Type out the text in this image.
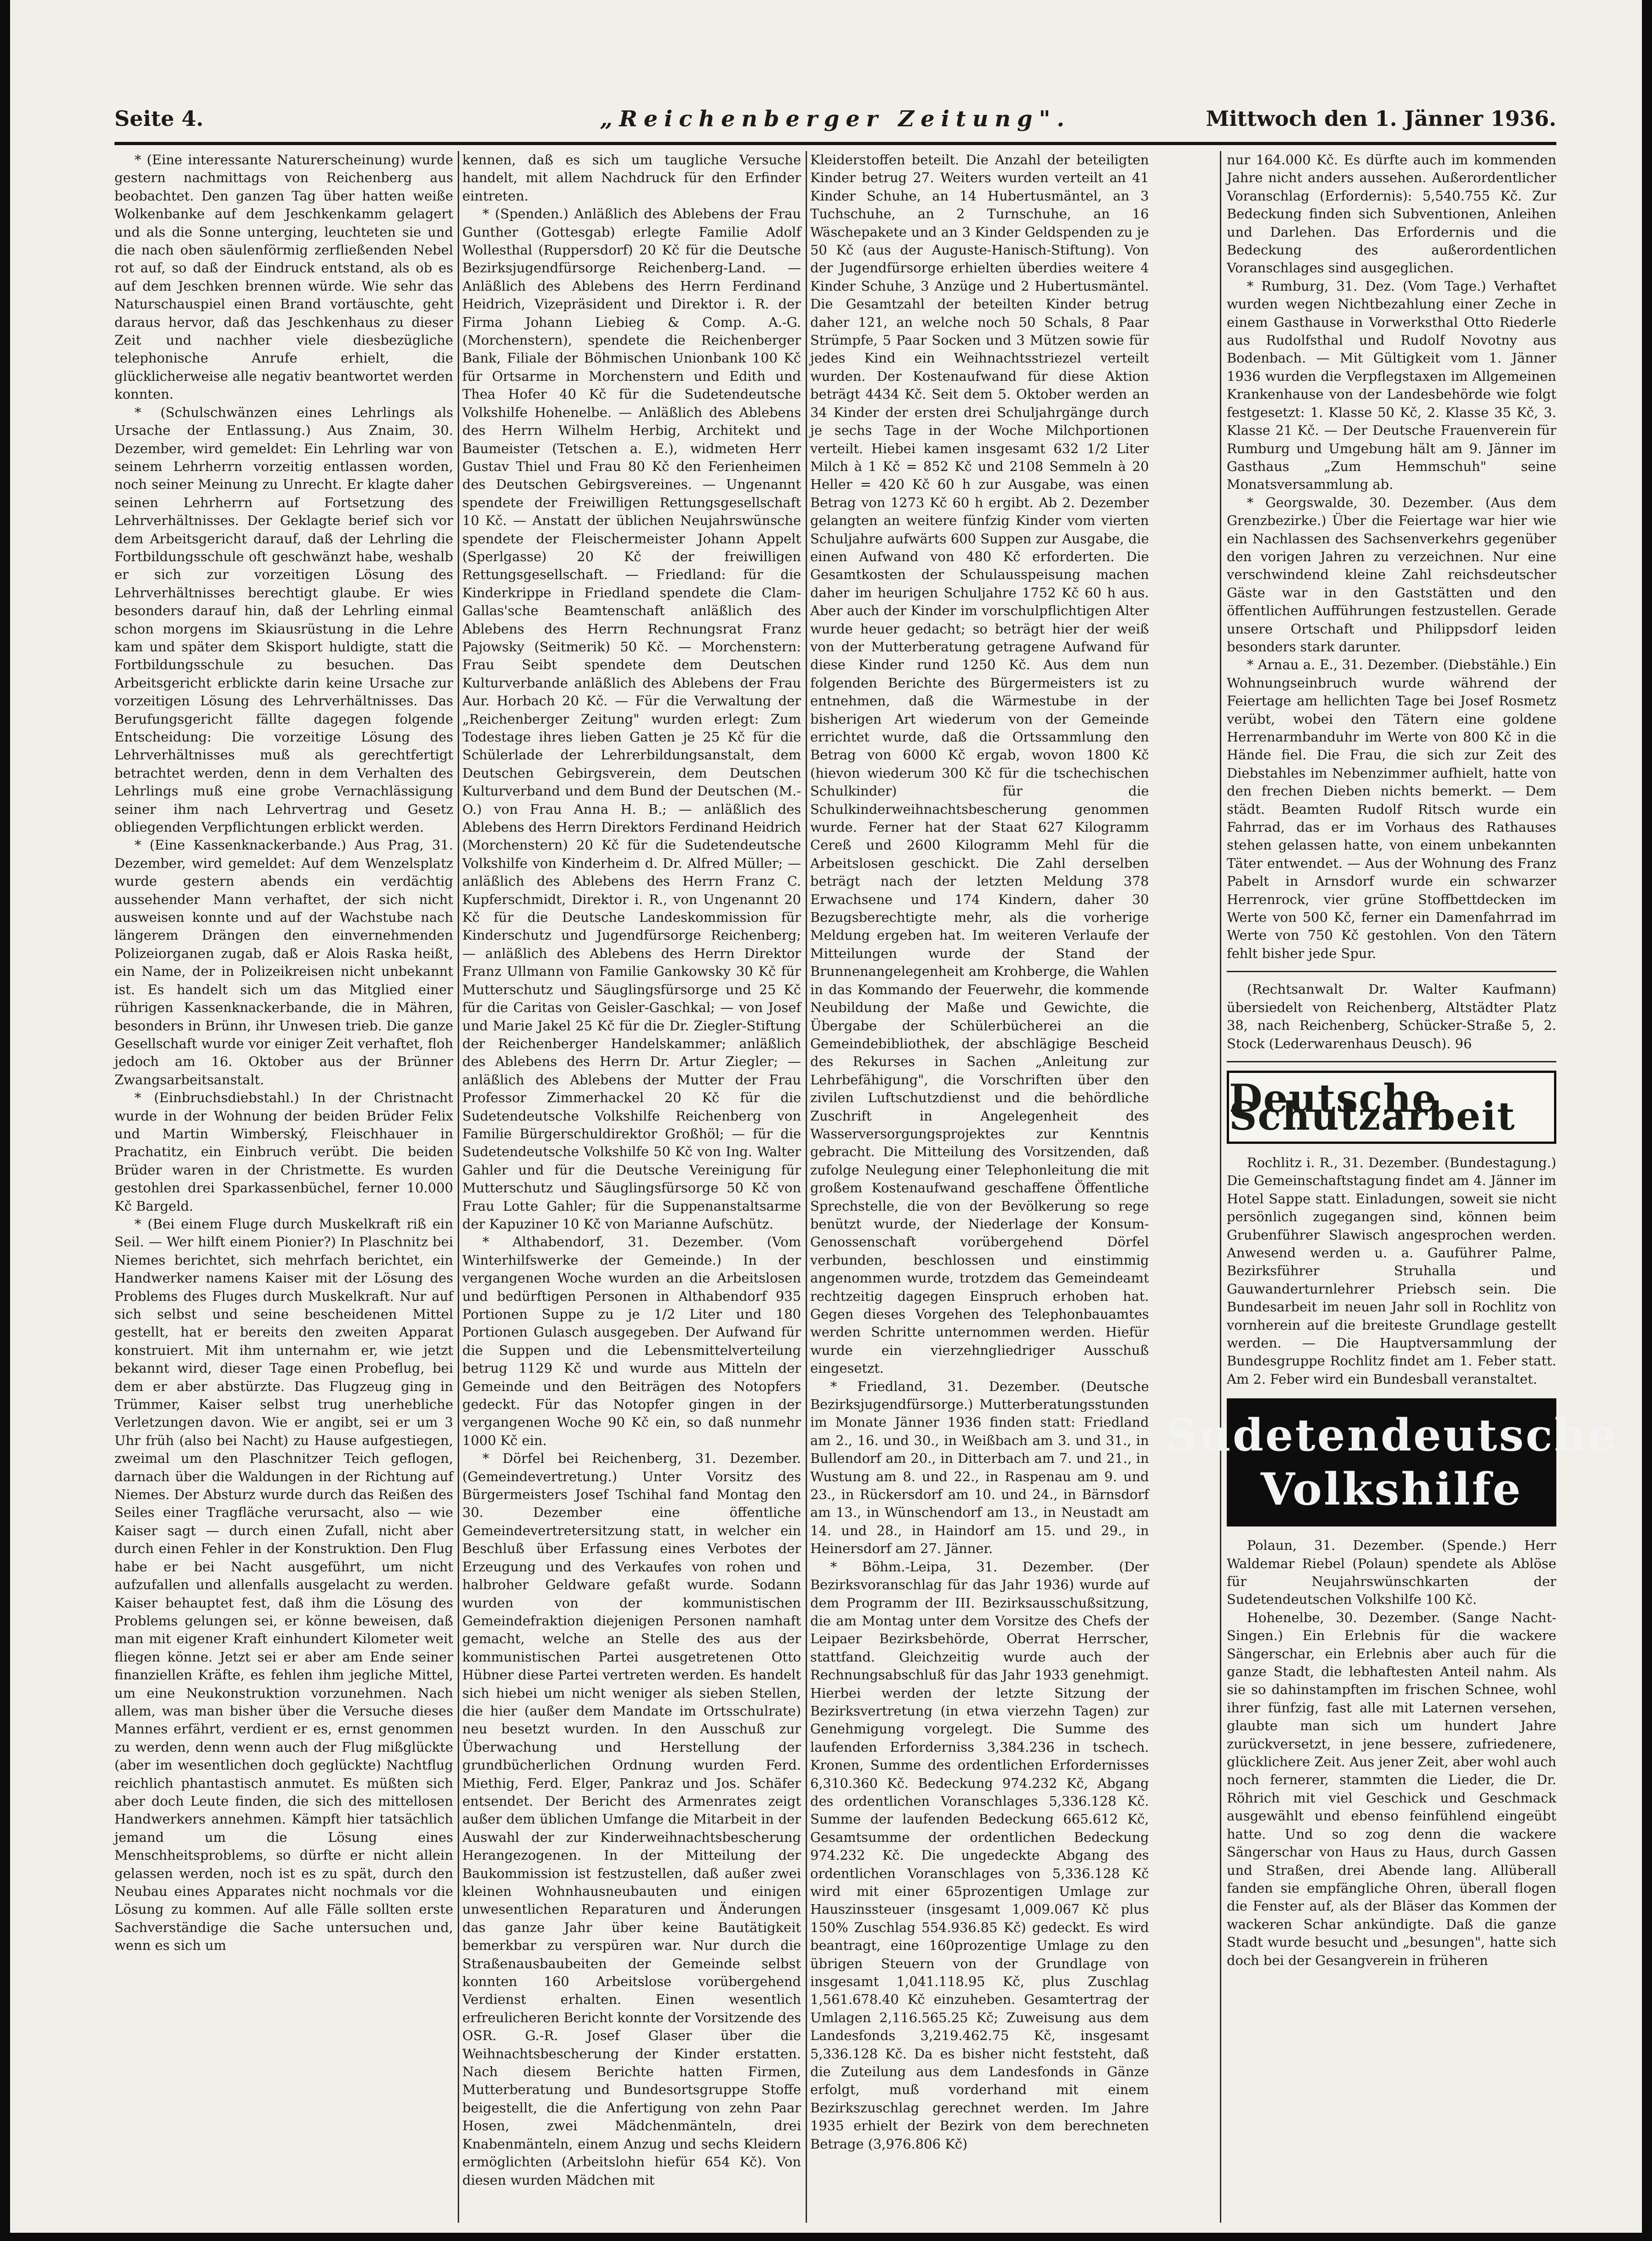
Seite 4.	„Reichenberger Zeitung".	Mittwoch den 1. Jänner 1936.

* (Eine interessante Naturerscheinung) wurde gestern nachmittags von Reichenberg aus beobachtet. Den ganzen Tag über hatten weiße Wolkenbanke auf dem Jeschkenkamm gelagert und als die Sonne unterging, leuchteten sie und die nach oben säulenförmig zerfließenden Nebel rot auf, so daß der Eindruck entstand, als ob es auf dem Jeschken brennen würde. Wie sehr das Naturschauspiel einen Brand vortäuschte, geht daraus hervor, daß das Jeschkenhaus zu dieser Zeit und nachher viele diesbezügliche telephonische Anrufe erhielt, die glücklicherweise alle negativ beantwortet werden konnten.

* (Schulschwänzen eines Lehrlings als Ursache der Entlassung.) Aus Znaim, 30. Dezember, wird gemeldet: Ein Lehrling war von seinem Lehrherrn vorzeitig entlassen worden, noch seiner Meinung zu Unrecht. Er klagte daher seinen Lehrherrn auf Fortsetzung des Lehrverhältnisses. Der Geklagte berief sich vor dem Arbeitsgericht darauf, daß der Lehrling die Fortbildungsschule oft geschwänzt habe, weshalb er sich zur vorzeitigen Lösung des Lehrverhältnisses berechtigt glaube. Er wies besonders darauf hin, daß der Lehrling einmal schon morgens im Skiausrüstung in die Lehre kam und später dem Skisport huldigte, statt die Fortbildungsschule zu besuchen. Das Arbeitsgericht erblickte darin keine Ursache zur vorzeitigen Lösung des Lehrverhältnisses. Das Berufungsgericht fällte dagegen folgende Entscheidung: Die vorzeitige Lösung des Lehrverhältnisses muß als gerechtfertigt betrachtet werden, denn in dem Verhalten des Lehrlings muß eine grobe Vernachlässigung seiner ihm nach Lehrvertrag und Gesetz obliegenden Verpflichtungen erblickt werden.

* (Eine Kassenknackerbande.) Aus Prag, 31. Dezember, wird gemeldet: Auf dem Wenzelsplatz wurde gestern abends ein verdächtig aussehender Mann verhaftet, der sich nicht ausweisen konnte und auf der Wachstube nach längerem Drängen den einvernehmenden Polizeiorganen zugab, daß er Alois Raska heißt, ein Name, der in Polizeikreisen nicht unbekannt ist. Es handelt sich um das Mitglied einer rührigen Kassenknackerbande, die in Mähren, besonders in Brünn, ihr Unwesen trieb. Die ganze Gesellschaft wurde vor einiger Zeit verhaftet, floh jedoch am 16. Oktober aus der Brünner Zwangsarbeitsanstalt.

* (Einbruchsdiebstahl.) In der Christnacht wurde in der Wohnung der beiden Brüder Felix und Martin Wimberský, Fleischhauer in Prachatitz, ein Einbruch verübt. Die beiden Brüder waren in der Christmette. Es wurden gestohlen drei Sparkassenbüchel, ferner 10.000 Kč Bargeld.

* (Bei einem Fluge durch Muskelkraft riß ein Seil. — Wer hilft einem Pionier?) In Plaschnitz bei Niemes berichtet, sich mehrfach berichtet, ein Handwerker namens Kaiser mit der Lösung des Problems des Fluges durch Muskelkraft. Nur auf sich selbst und seine bescheidenen Mittel gestellt, hat er bereits den zweiten Apparat konstruiert. Mit ihm unternahm er, wie jetzt bekannt wird, dieser Tage einen Probeflug, bei dem er aber abstürzte. Das Flugzeug ging in Trümmer, Kaiser selbst trug unerhebliche Verletzungen davon. Wie er angibt, sei er um 3 Uhr früh (also bei Nacht) zu Hause aufgestiegen, zweimal um den Plaschnitzer Teich geflogen, darnach über die Waldungen in der Richtung auf Niemes. Der Absturz wurde durch das Reißen des Seiles einer Tragfläche verursacht, also — wie Kaiser sagt — durch einen Zufall, nicht aber durch einen Fehler in der Konstruktion. Den Flug habe er bei Nacht ausgeführt, um nicht aufzufallen und allenfalls ausgelacht zu werden. Kaiser behauptet fest, daß ihm die Lösung des Problems gelungen sei, er könne beweisen, daß man mit eigener Kraft einhundert Kilometer weit fliegen könne. Jetzt sei er aber am Ende seiner finanziellen Kräfte, es fehlen ihm jegliche Mittel, um eine Neukonstruktion vorzunehmen. Nach allem, was man bisher über die Versuche dieses Mannes erfährt, verdient er es, ernst genommen zu werden, denn wenn auch der Flug mißglückte (aber im wesentlichen doch geglückte) Nachtflug reichlich phantastisch anmutet. Es müßten sich aber doch Leute finden, die sich des mittellosen Handwerkers annehmen. Kämpft hier tatsächlich jemand um die Lösung eines Menschheitsproblems, so dürfte er nicht allein gelassen werden, noch ist es zu spät, durch den Neubau eines Apparates nicht nochmals vor die Lösung zu kommen. Auf alle Fälle sollten erste Sachverständige die Sache untersuchen und, wenn es sich um

kennen, daß es sich um taugliche Versuche handelt, mit allem Nachdruck für den Erfinder eintreten.

* (Spenden.) Anläßlich des Ablebens der Frau Gunther (Gottesgab) erlegte Familie Adolf Wollesthal (Ruppersdorf) 20 Kč für die Deutsche Bezirksjugendfürsorge Reichenberg-Land. — Anläßlich des Ablebens des Herrn Ferdinand Heidrich, Vizepräsident und Direktor i. R. der Firma Johann Liebieg & Comp. A.-G. (Morchenstern), spendete die Reichenberger Bank, Filiale der Böhmischen Unionbank 100 Kč für Ortsarme in Morchenstern und Edith und Thea Hofer 40 Kč für die Sudetendeutsche Volkshilfe Hohenelbe. — Anläßlich des Ablebens des Herrn Wilhelm Herbig, Architekt und Baumeister (Tetschen a. E.), widmeten Herr Gustav Thiel und Frau 80 Kč den Ferienheimen des Deutschen Gebirgsvereines. — Ungenannt spendete der Freiwilligen Rettungsgesellschaft 10 Kč. — Anstatt der üblichen Neujahrswünsche spendete der Fleischermeister Johann Appelt (Sperlgasse) 20 Kč der freiwilligen Rettungsgesellschaft. — Friedland: für die Kinderkrippe in Friedland spendete die Clam-Gallas'sche Beamtenschaft anläßlich des Ablebens des Herrn Rechnungsrat Franz Pajowsky (Seitmerik) 50 Kč. — Morchenstern: Frau Seibt spendete dem Deutschen Kulturverbande anläßlich des Ablebens der Frau Aur. Horbach 20 Kč. — Für die Verwaltung der „Reichenberger Zeitung" wurden erlegt: Zum Todestage ihres lieben Gatten je 25 Kč für die Schülerlade der Lehrerbildungsanstalt, dem Deutschen Gebirgsverein, dem Deutschen Kulturverband und dem Bund der Deutschen (M.-O.) von Frau Anna H. B.; — anläßlich des Ablebens des Herrn Direktors Ferdinand Heidrich (Morchenstern) 20 Kč für die Sudetendeutsche Volkshilfe von Kinderheim d. Dr. Alfred Müller; — anläßlich des Ablebens des Herrn Franz C. Kupferschmidt, Direktor i. R., von Ungenannt 20 Kč für die Deutsche Landeskommission für Kinderschutz und Jugendfürsorge Reichenberg; — anläßlich des Ablebens des Herrn Direktor Franz Ullmann von Familie Gankowsky 30 Kč für Mutterschutz und Säuglingsfürsorge und 25 Kč für die Caritas von Geisler-Gaschkal; — von Josef und Marie Jakel 25 Kč für die Dr. Ziegler-Stiftung der Reichenberger Handelskammer; anläßlich des Ablebens des Herrn Dr. Artur Ziegler; — anläßlich des Ablebens der Mutter der Frau Professor Zimmerhackel 20 Kč für die Sudetendeutsche Volkshilfe Reichenberg von Familie Bürgerschuldirektor Großhöl; — für die Sudetendeutsche Volkshilfe 50 Kč von Ing. Walter Gahler und für die Deutsche Vereinigung für Mutterschutz und Säuglingsfürsorge 50 Kč von Frau Lotte Gahler; für die Suppenanstaltsarme der Kapuziner 10 Kč von Marianne Aufschütz.

* Althabendorf, 31. Dezember. (Vom Winterhilfswerke der Gemeinde.) In der vergangenen Woche wurden an die Arbeitslosen und bedürftigen Personen in Althabendorf 935 Portionen Suppe zu je 1/2 Liter und 180 Portionen Gulasch ausgegeben. Der Aufwand für die Suppen und die Lebensmittelverteilung betrug 1129 Kč und wurde aus Mitteln der Gemeinde und den Beiträgen des Notopfers gedeckt. Für das Notopfer gingen in der vergangenen Woche 90 Kč ein, so daß nunmehr 1000 Kč ein.

* Dörfel bei Reichenberg, 31. Dezember. (Gemeindevertretung.) Unter Vorsitz des Bürgermeisters Josef Tschihal fand Montag den 30. Dezember eine öffentliche Gemeindevertretersitzung statt, in welcher ein Beschluß über Erfassung eines Verbotes der Erzeugung und des Verkaufes von rohen und halbroher Geldware gefaßt wurde. Sodann wurden von der kommunistischen Gemeindefraktion diejenigen Personen namhaft gemacht, welche an Stelle des aus der kommunistischen Partei ausgetretenen Otto Hübner diese Partei vertreten werden. Es handelt sich hiebei um nicht weniger als sieben Stellen, die hier (außer dem Mandate im Ortsschulrate) neu besetzt wurden. In den Ausschuß zur Überwachung und Herstellung der grundbücherlichen Ordnung wurden Ferd. Miethig, Ferd. Elger, Pankraz und Jos. Schäfer entsendet. Der Bericht des Armenrates zeigt außer dem üblichen Umfange die Mitarbeit in der Auswahl der zur Kinderweihnachtsbescherung Herangezogenen. In der Mitteilung der Baukommission ist festzustellen, daß außer zwei kleinen Wohnhausneubauten und einigen unwesentlichen Reparaturen und Änderungen das ganze Jahr über keine Bautätigkeit bemerkbar zu verspüren war. Nur durch die Straßenausbaubeiten der Gemeinde selbst konnten 160 Arbeitslose vorübergehend Verdienst erhalten. Einen wesentlich erfreulicheren Bericht konnte der Vorsitzende des OSR. G.-R. Josef Glaser über die Weihnachtsbescherung der Kinder erstatten. Nach diesem Berichte hatten Firmen, Mutterberatung und Bundesortsgruppe Stoffe beigestellt, die die Anfertigung von zehn Paar Hosen, zwei Mädchenmänteln, drei Knabenmänteln, einem Anzug und sechs Kleidern ermöglichten (Arbeitslohn hiefür 654 Kč). Von diesen wurden Mädchen mit

Kleiderstoffen beteilt. Die Anzahl der beteiligten Kinder betrug 27. Weiters wurden verteilt an 41 Kinder Schuhe, an 14 Hubertusmäntel, an 3 Tuchschuhe, an 2 Turnschuhe, an 16 Wäschepakete und an 3 Kinder Geldspenden zu je 50 Kč (aus der Auguste-Hanisch-Stiftung). Von der Jugendfürsorge erhielten überdies weitere 4 Kinder Schuhe, 3 Anzüge und 2 Hubertusmäntel. Die Gesamtzahl der beteilten Kinder betrug daher 121, an welche noch 50 Schals, 8 Paar Strümpfe, 5 Paar Socken und 3 Mützen sowie für jedes Kind ein Weihnachtsstriezel verteilt wurden. Der Kostenaufwand für diese Aktion beträgt 4434 Kč. Seit dem 5. Oktober werden an 34 Kinder der ersten drei Schuljahrgänge durch je sechs Tage in der Woche Milchportionen verteilt. Hiebei kamen insgesamt 632 1/2 Liter Milch à 1 Kč = 852 Kč und 2108 Semmeln à 20 Heller = 420 Kč 60 h zur Ausgabe, was einen Betrag von 1273 Kč 60 h ergibt. Ab 2. Dezember gelangten an weitere fünfzig Kinder vom vierten Schuljahre aufwärts 600 Suppen zur Ausgabe, die einen Aufwand von 480 Kč erforderten. Die Gesamtkosten der Schulausspeisung machen daher im heurigen Schuljahre 1752 Kč 60 h aus. Aber auch der Kinder im vorschulpflichtigen Alter wurde heuer gedacht; so beträgt hier der weiß von der Mutterberatung getragene Aufwand für diese Kinder rund 1250 Kč. Aus dem nun folgenden Berichte des Bürgermeisters ist zu entnehmen, daß die Wärmestube in der bisherigen Art wiederum von der Gemeinde errichtet wurde, daß die Ortssammlung den Betrag von 6000 Kč ergab, wovon 1800 Kč (hievon wiederum 300 Kč für die tschechischen Schulkinder) für die Schulkinderweihnachtsbescherung genommen wurde. Ferner hat der Staat 627 Kilogramm Cereß und 2600 Kilogramm Mehl für die Arbeitslosen geschickt. Die Zahl derselben beträgt nach der letzten Meldung 378 Erwachsene und 174 Kindern, daher 30 Bezugsberechtigte mehr, als die vorherige Meldung ergeben hat. Im weiteren Verlaufe der Mitteilungen wurde der Stand der Brunnenangelegenheit am Krohberge, die Wahlen in das Kommando der Feuerwehr, die kommende Neubildung der Maße und Gewichte, die Übergabe der Schülerbücherei an die Gemeindebibliothek, der abschlägige Bescheid des Rekurses in Sachen „Anleitung zur Lehrbefähigung", die Vorschriften über den zivilen Luftschutzdienst und die behördliche Zuschrift in Angelegenheit des Wasserversorgungsprojektes zur Kenntnis gebracht. Die Mitteilung des Vorsitzenden, daß zufolge Neulegung einer Telephonleitung die mit großem Kostenaufwand geschaffene Öffentliche Sprechstelle, die von der Bevölkerung so rege benützt wurde, der Niederlage der Konsum-Genossenschaft vorübergehend Dörfel verbunden, beschlossen und einstimmig angenommen wurde, trotzdem das Gemeindeamt rechtzeitig dagegen Einspruch erhoben hat. Gegen dieses Vorgehen des Telephonbauamtes werden Schritte unternommen werden. Hiefür wurde ein vierzehngliedriger Ausschuß eingesetzt.

* Friedland, 31. Dezember. (Deutsche Bezirksjugendfürsorge.) Mutterberatungsstunden im Monate Jänner 1936 finden statt: Friedland am 2., 16. und 30., in Weißbach am 3. und 31., in Bullendorf am 20., in Ditterbach am 7. und 21., in Wustung am 8. und 22., in Raspenau am 9. und 23., in Rückersdorf am 10. und 24., in Bärnsdorf am 13., in Wünschendorf am 13., in Neustadt am 14. und 28., in Haindorf am 15. und 29., in Heinersdorf am 27. Jänner.

* Böhm.-Leipa, 31. Dezember. (Der Bezirksvoranschlag für das Jahr 1936) wurde auf dem Programm der III. Bezirksausschußsitzung, die am Montag unter dem Vorsitze des Chefs der Leipaer Bezirksbehörde, Oberrat Herrscher, stattfand. Gleichzeitig wurde auch der Rechnungsabschluß für das Jahr 1933 genehmigt. Hierbei werden der letzte Sitzung der Bezirksvertretung (in etwa vierzehn Tagen) zur Genehmigung vorgelegt. Die Summe des laufenden Erforderniss 3,384.236 in tschech. Kronen, Summe des ordentlichen Erfordernisses 6,310.360 Kč. Bedeckung 974.232 Kč, Abgang des ordentlichen Voranschlages 5,336.128 Kč. Summe der laufenden Bedeckung 665.612 Kč, Gesamtsumme der ordentlichen Bedeckung 974.232 Kč. Die ungedeckte Abgang des ordentlichen Voranschlages von 5,336.128 Kč wird mit einer 65prozentigen Umlage zur Hauszinssteuer (insgesamt 1,009.067 Kč plus 150% Zuschlag 554.936.85 Kč) gedeckt. Es wird beantragt, eine 160prozentige Umlage zu den übrigen Steuern von der Grundlage von insgesamt 1,041.118.95 Kč, plus Zuschlag 1,561.678.40 Kč einzuheben. Gesamtertrag der Umlagen 2,116.565.25 Kč; Zuweisung aus dem Landesfonds 3,219.462.75 Kč, insgesamt 5,336.128 Kč. Da es bisher nicht feststeht, daß die Zuteilung aus dem Landesfonds in Gänze erfolgt, muß vorderhand mit einem Bezirkszuschlag gerechnet werden. Im Jahre 1935 erhielt der Bezirk von dem berechneten Betrage (3,976.806 Kč)

nur 164.000 Kč. Es dürfte auch im kommenden Jahre nicht anders aussehen. Außerordentlicher Voranschlag (Erfordernis): 5,540.755 Kč. Zur Bedeckung finden sich Subventionen, Anleihen und Darlehen. Das Erfordernis und die Bedeckung des außerordentlichen Voranschlages sind ausgeglichen.

* Rumburg, 31. Dez. (Vom Tage.) Verhaftet wurden wegen Nichtbezahlung einer Zeche in einem Gasthause in Vorwerksthal Otto Riederle aus Rudolfsthal und Rudolf Novotny aus Bodenbach. — Mit Gültigkeit vom 1. Jänner 1936 wurden die Verpflegstaxen im Allgemeinen Krankenhause von der Landesbehörde wie folgt festgesetzt: 1. Klasse 50 Kč, 2. Klasse 35 Kč, 3. Klasse 21 Kč. — Der Deutsche Frauenverein für Rumburg und Umgebung hält am 9. Jänner im Gasthaus „Zum Hemmschuh" seine Monatsversammlung ab.

* Georgswalde, 30. Dezember. (Aus dem Grenzbezirke.) Über die Feiertage war hier wie ein Nachlassen des Sachsenverkehrs gegenüber den vorigen Jahren zu verzeichnen. Nur eine verschwindend kleine Zahl reichsdeutscher Gäste war in den Gaststätten und den öffentlichen Aufführungen festzustellen. Gerade unsere Ortschaft und Philippsdorf leiden besonders stark darunter.

* Arnau a. E., 31. Dezember. (Diebstähle.) Ein Wohnungseinbruch wurde während der Feiertage am hellichten Tage bei Josef Rosmetz verübt, wobei den Tätern eine goldene Herrenarmbanduhr im Werte von 800 Kč in die Hände fiel. Die Frau, die sich zur Zeit des Diebstahles im Nebenzimmer aufhielt, hatte von den frechen Dieben nichts bemerkt. — Dem städt. Beamten Rudolf Ritsch wurde ein Fahrrad, das er im Vorhaus des Rathauses stehen gelassen hatte, von einem unbekannten Täter entwendet. — Aus der Wohnung des Franz Pabelt in Arnsdorf wurde ein schwarzer Herrenrock, vier grüne Stoffbettdecken im Werte von 500 Kč, ferner ein Damenfahrrad im Werte von 750 Kč gestohlen. Von den Tätern fehlt bisher jede Spur.

(Rechtsanwalt Dr. Walter Kaufmann) übersiedelt von Reichenberg, Altstädter Platz 38, nach Reichenberg, Schücker-Straße 5, 2. Stock (Lederwarenhaus Deusch). 96

Deutsche Schutzarbeit

Rochlitz i. R., 31. Dezember. (Bundestagung.) Die Gemeinschaftstagung findet am 4. Jänner im Hotel Sappe statt. Einladungen, soweit sie nicht persönlich zugegangen sind, können beim Grubenführer Slawisch angesprochen werden. Anwesend werden u. a. Gauführer Palme, Bezirksführer Struhalla und Gauwanderturnlehrer Priebsch sein. Die Bundesarbeit im neuen Jahr soll in Rochlitz von vornherein auf die breiteste Grundlage gestellt werden. — Die Hauptversammlung der Bundesgruppe Rochlitz findet am 1. Feber statt. Am 2. Feber wird ein Bundesball veranstaltet.

Sudetendeutsche
Volkshilfe

Polaun, 31. Dezember. (Spende.) Herr Waldemar Riebel (Polaun) spendete als Ablöse für Neujahrswünschkarten der Sudetendeutschen Volkshilfe 100 Kč.

Hohenelbe, 30. Dezember. (Sange Nacht-Singen.) Ein Erlebnis für die wackere Sängerschar, ein Erlebnis aber auch für die ganze Stadt, die lebhaftesten Anteil nahm. Als sie so dahinstampften im frischen Schnee, wohl ihrer fünfzig, fast alle mit Laternen versehen, glaubte man sich um hundert Jahre zurückversetzt, in jene bessere, zufriedenere, glücklichere Zeit. Aus jener Zeit, aber wohl auch noch fernerer, stammten die Lieder, die Dr. Röhrich mit viel Geschick und Geschmack ausgewählt und ebenso feinfühlend eingeübt hatte. Und so zog denn die wackere Sängerschar von Haus zu Haus, durch Gassen und Straßen, drei Abende lang. Allüberall fanden sie empfängliche Ohren, überall flogen die Fenster auf, als der Bläser das Kommen der wackeren Schar ankündigte. Daß die ganze Stadt wurde besucht und „besungen", hatte sich doch bei der Gesangverein in früheren
